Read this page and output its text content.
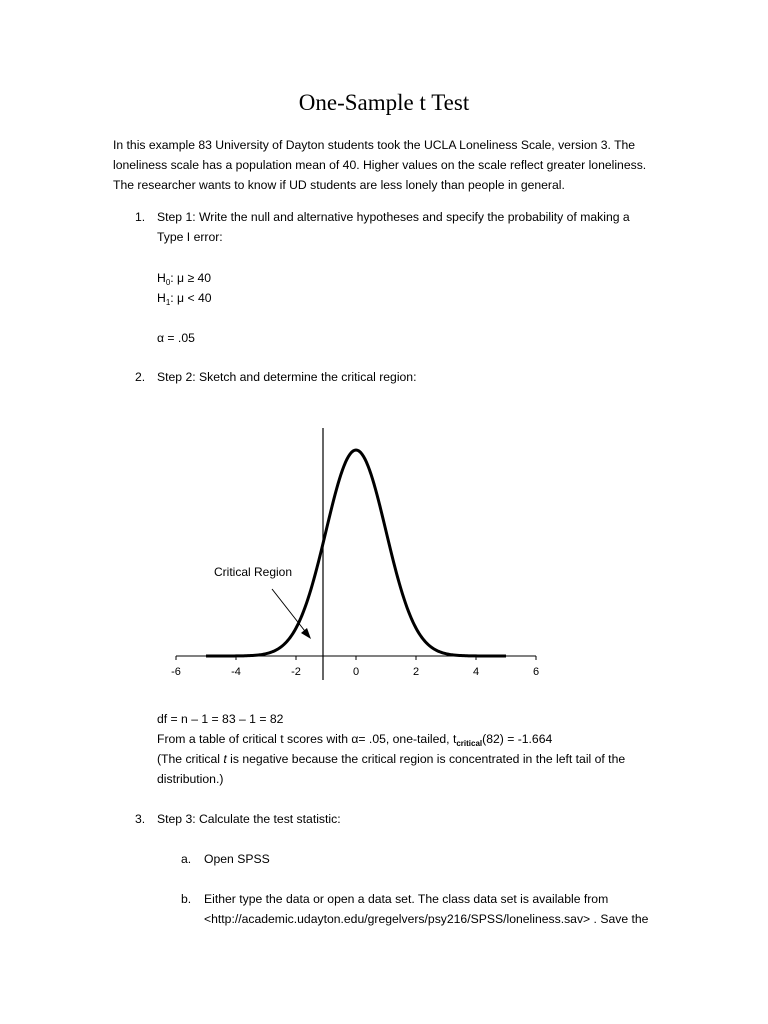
One-Sample t Test
In this example 83 University of Dayton students took the UCLA Loneliness Scale, version 3. The
loneliness scale has a population mean of 40. Higher values on the scale reflect greater loneliness.
The researcher wants to know if UD students are less lonely than people in general.
1. Step 1: Write the null and alternative hypotheses and specify the probability of making a
Type I error:
$H_0$: μ ≥ 40
$H_1$: μ < 40
α = .05
2. Step 2: Sketch and determine the critical region:
-6	-4	-2	0	2	4	6
Critical Region
df = n – 1 = 83 – 1 = 82
From a table of critical t scores with α= .05, one-tailed, $t_{critical}(82) = -1.664$
(The critical t is negative because the critical region is concentrated in the left tail of the
distribution.)
3. Step 3: Calculate the test statistic:
a. Open SPSS
b. Either type the data or open a data set. The class data set is available from
<http://academic.udayton.edu/gregelvers/psy216/SPSS/loneliness.sav> . Save the
